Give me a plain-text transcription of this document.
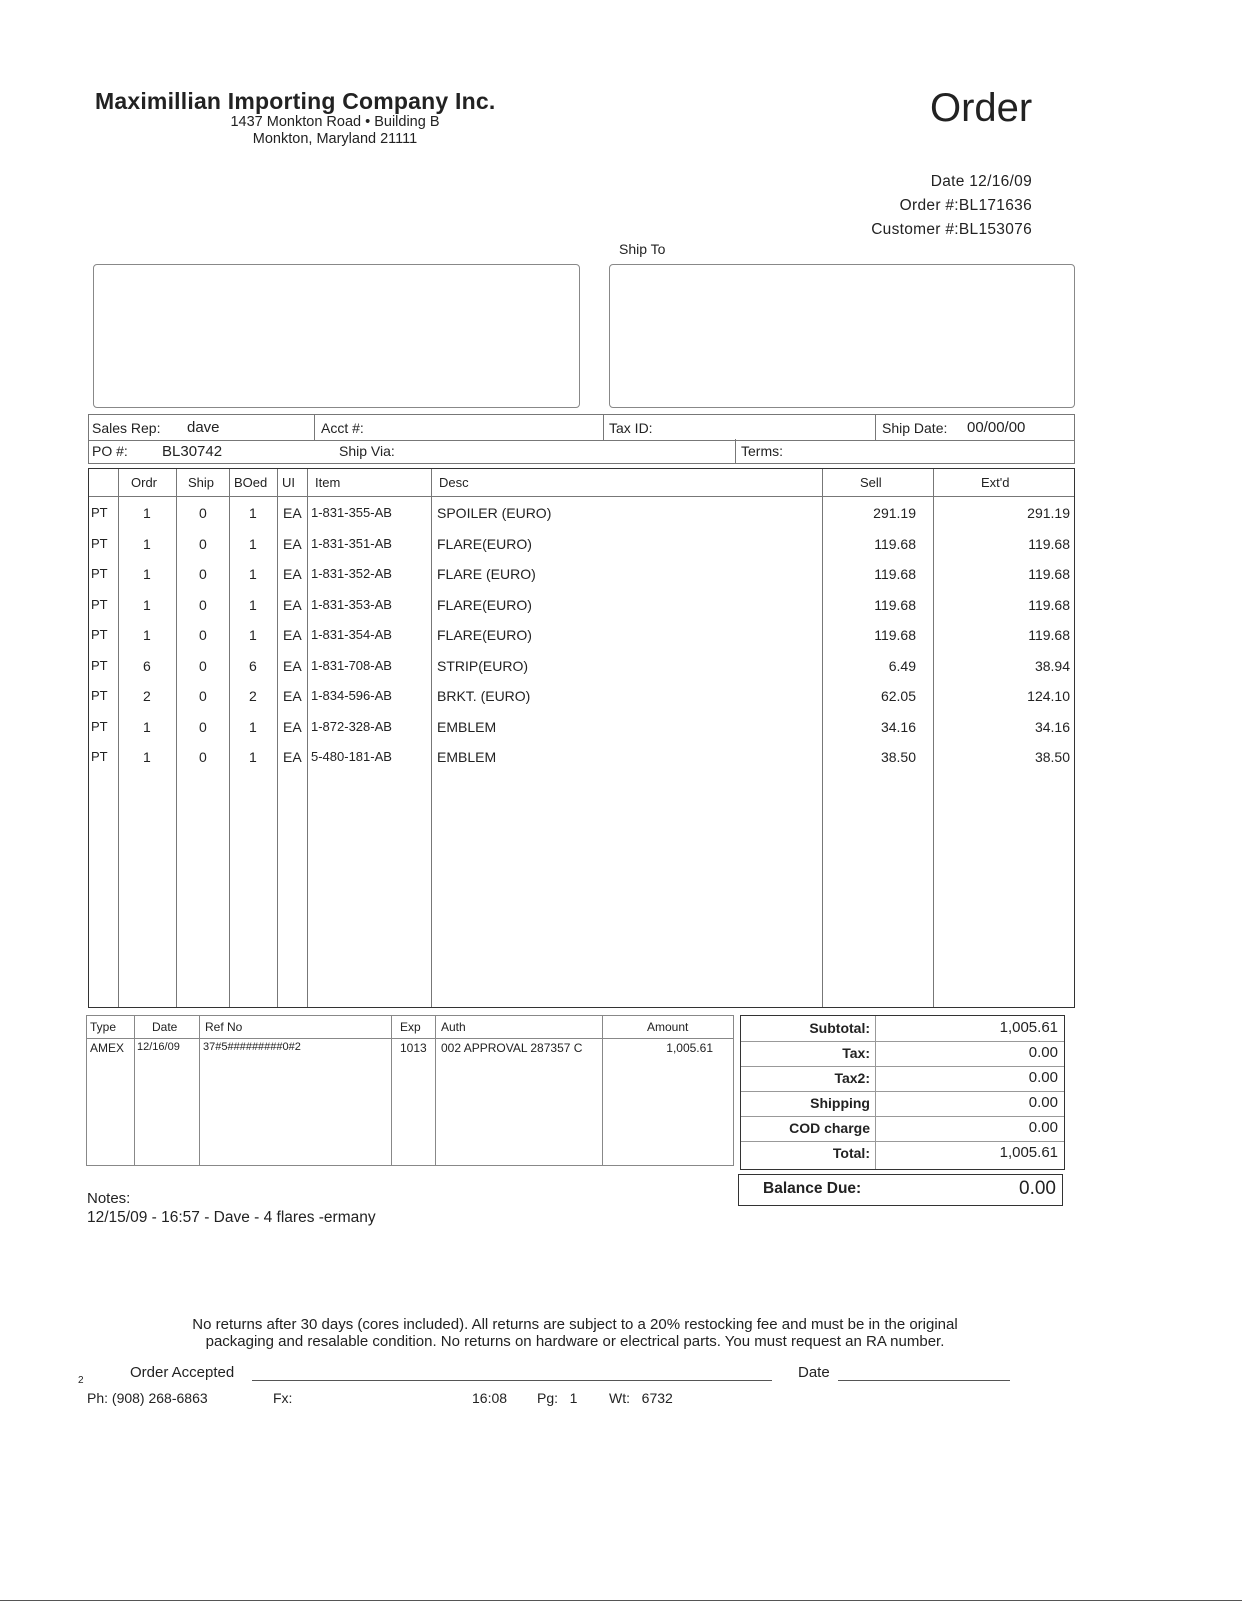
Maximillian Importing Company Inc.
1437 Monkton Road • Building B
Monkton, Maryland 21111
Order
Date 12/16/09
Order #:BL171636
Customer #:BL153076
Ship To
Sales Rep: dave	Acct #:	Tax ID:	Ship Date: 00/00/00
PO #: BL30742	Ship Via:	Terms:
Ordr Ship BOed UI Item	Desc	Sell	Ext'd
PT	1	0	1 EA 1-831-355-AB	SPOILER (EURO)	291.19	291.19
PT	1	0	1 EA 1-831-351-AB	FLARE(EURO)	119.68	119.68
PT	1	0	1 EA 1-831-352-AB	FLARE (EURO)	119.68	119.68
PT	1	0	1 EA 1-831-353-AB	FLARE(EURO)	119.68	119.68
PT	1	0	1 EA 1-831-354-AB	FLARE(EURO)	119.68	119.68
PT	6	0	6 EA 1-831-708-AB	STRIP(EURO)	6.49	38.94
PT	2	0	2 EA 1-834-596-AB	BRKT. (EURO)	62.05	124.10
PT	1	0	1 EA 1-872-328-AB	EMBLEM	34.16	34.16
PT	1	0	1 EA 5-480-181-AB	EMBLEM	38.50	38.50
Type	Date Ref No	Exp Auth	Amount
AMEX 12/16/09 37#5#########0#2	1013 002 APPROVAL 287357 C	1,005.61
Subtotal:	1,005.61
Tax:	0.00
Tax2:	0.00
Shipping	0.00
COD charge	0.00
Total:	1,005.61
Balance Due:	0.00
Notes:
12/15/09 - 16:57 - Dave - 4 flares -ermany
No returns after 30 days (cores included). All returns are subject to a 20% restocking fee and must be in the original
packaging and resalable condition. No returns on hardware or electrical parts. You must request an RA number.
2	Order Accepted	Date
Ph: (908) 268-6863	Fx:	16:08 Pg:   1 Wt:   6732
